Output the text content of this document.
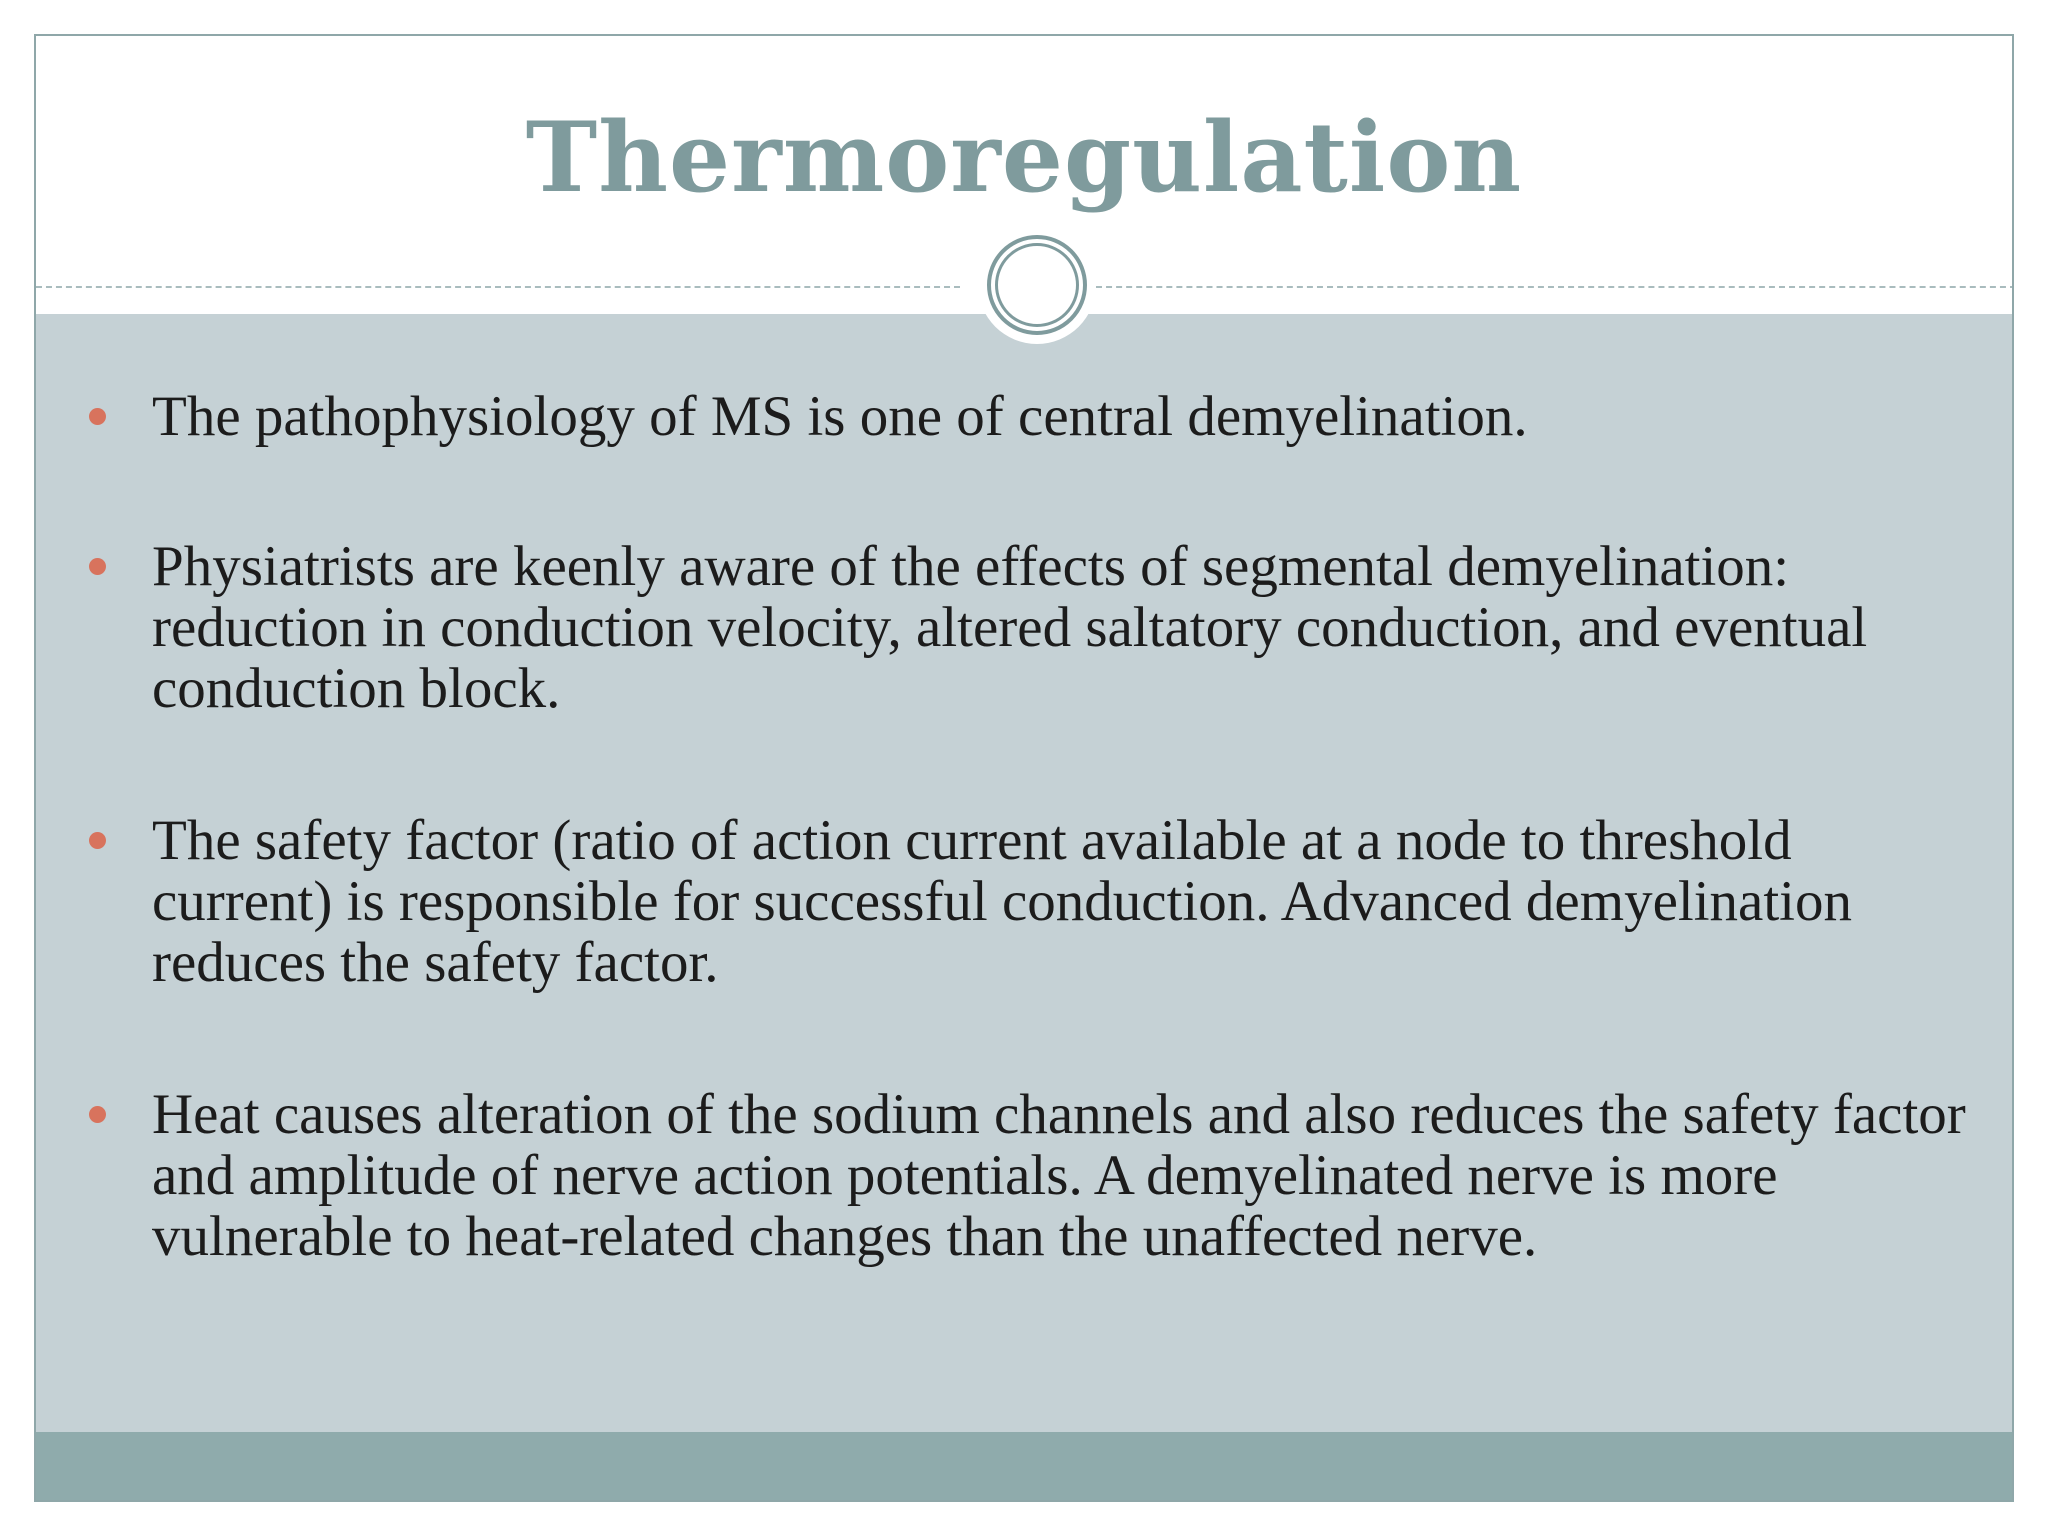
Thermoregulation
The pathophysiology of MS is one of central demyelination.
Physiatrists are keenly aware of the effects of segmental demyelination: reduction in conduction velocity, altered saltatory conduction, and eventual conduction block.
The safety factor (ratio of action current available at a node to threshold current) is responsible for successful conduction. Advanced demyelination reduces the safety factor.
Heat causes alteration of the sodium channels and also reduces the safety factor and amplitude of nerve action potentials. A demyelinated nerve is more vulnerable to heat-related changes than the unaffected nerve.
